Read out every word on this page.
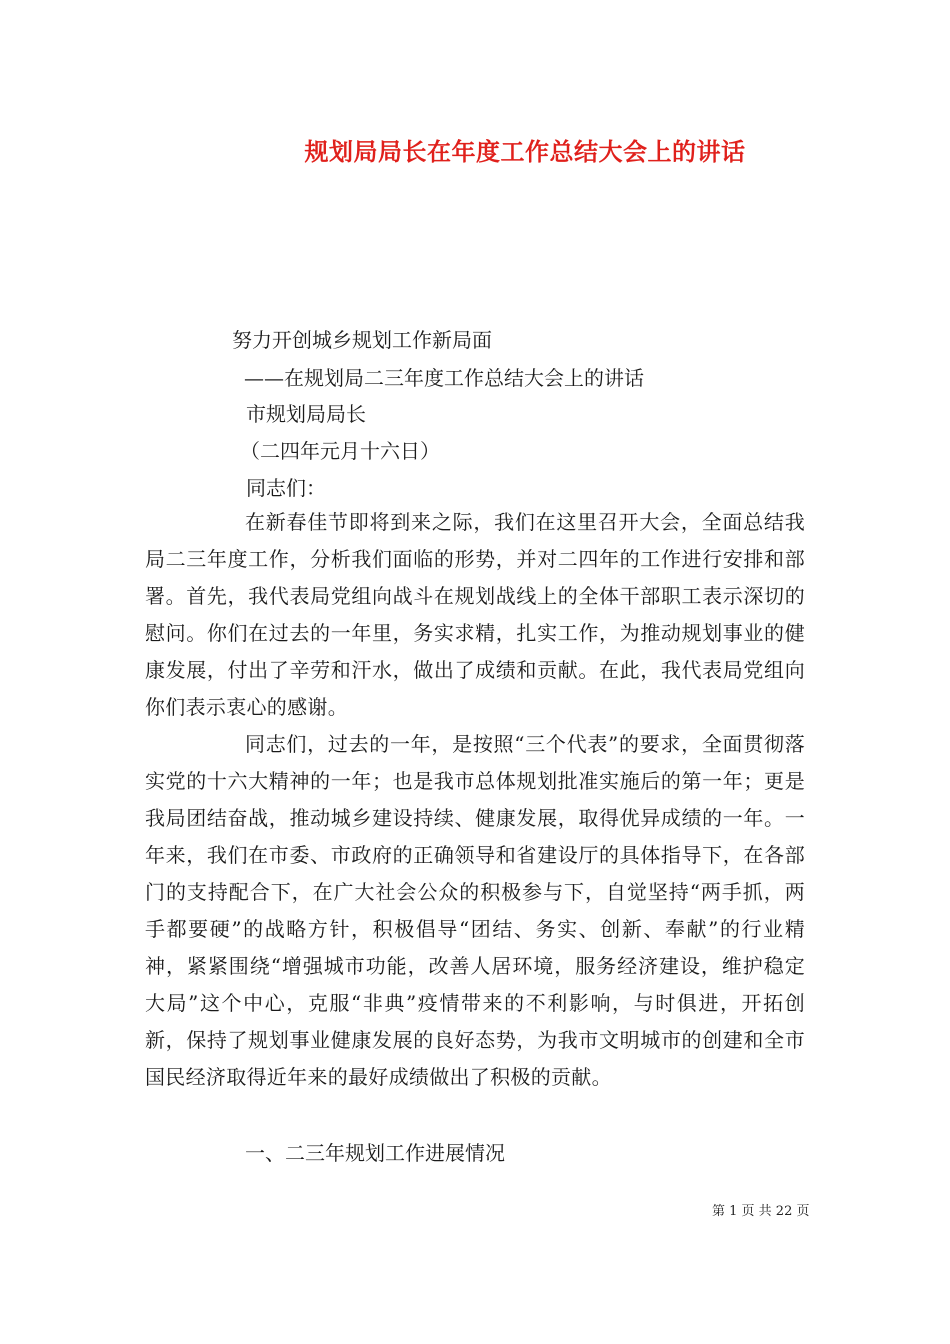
规划局局长在年度工作总结大会上的讲话
努力开创城乡规划工作新局面
——在规划局二三年度工作总结大会上的讲话
市规划局局长
（二四年元月十六日）
同志们：
在新春佳节即将到来之际，我们在这里召开大会，全面总结我局二三年度工作，分析我们面临的形势，并对二四年的工作进行安排和部署。首先，我代表局党组向战斗在规划战线上的全体干部职工表示深切的慰问。你们在过去的一年里，务实求精，扎实工作，为推动规划事业的健康发展，付出了辛劳和汗水，做出了成绩和贡献。在此，我代表局党组向你们表示衷心的感谢。
同志们，过去的一年，是按照“三个代表”的要求，全面贯彻落实党的十六大精神的一年；也是我市总体规划批准实施后的第一年；更是我局团结奋战，推动城乡建设持续、健康发展，取得优异成绩的一年。一年来，我们在市委、市政府的正确领导和省建设厅的具体指导下，在各部门的支持配合下，在广大社会公众的积极参与下，自觉坚持“两手抓，两手都要硬”的战略方针，积极倡导“团结、务实、创新、奉献”的行业精神，紧紧围绕“增强城市功能，改善人居环境，服务经济建设，维护稳定大局”这个中心，克服“非典”疫情带来的不利影响，与时俱进，开拓创新，保持了规划事业健康发展的良好态势，为我市文明城市的创建和全市国民经济取得近年来的最好成绩做出了积极的贡献。
一、二三年规划工作进展情况
第 1 页 共 22 页
